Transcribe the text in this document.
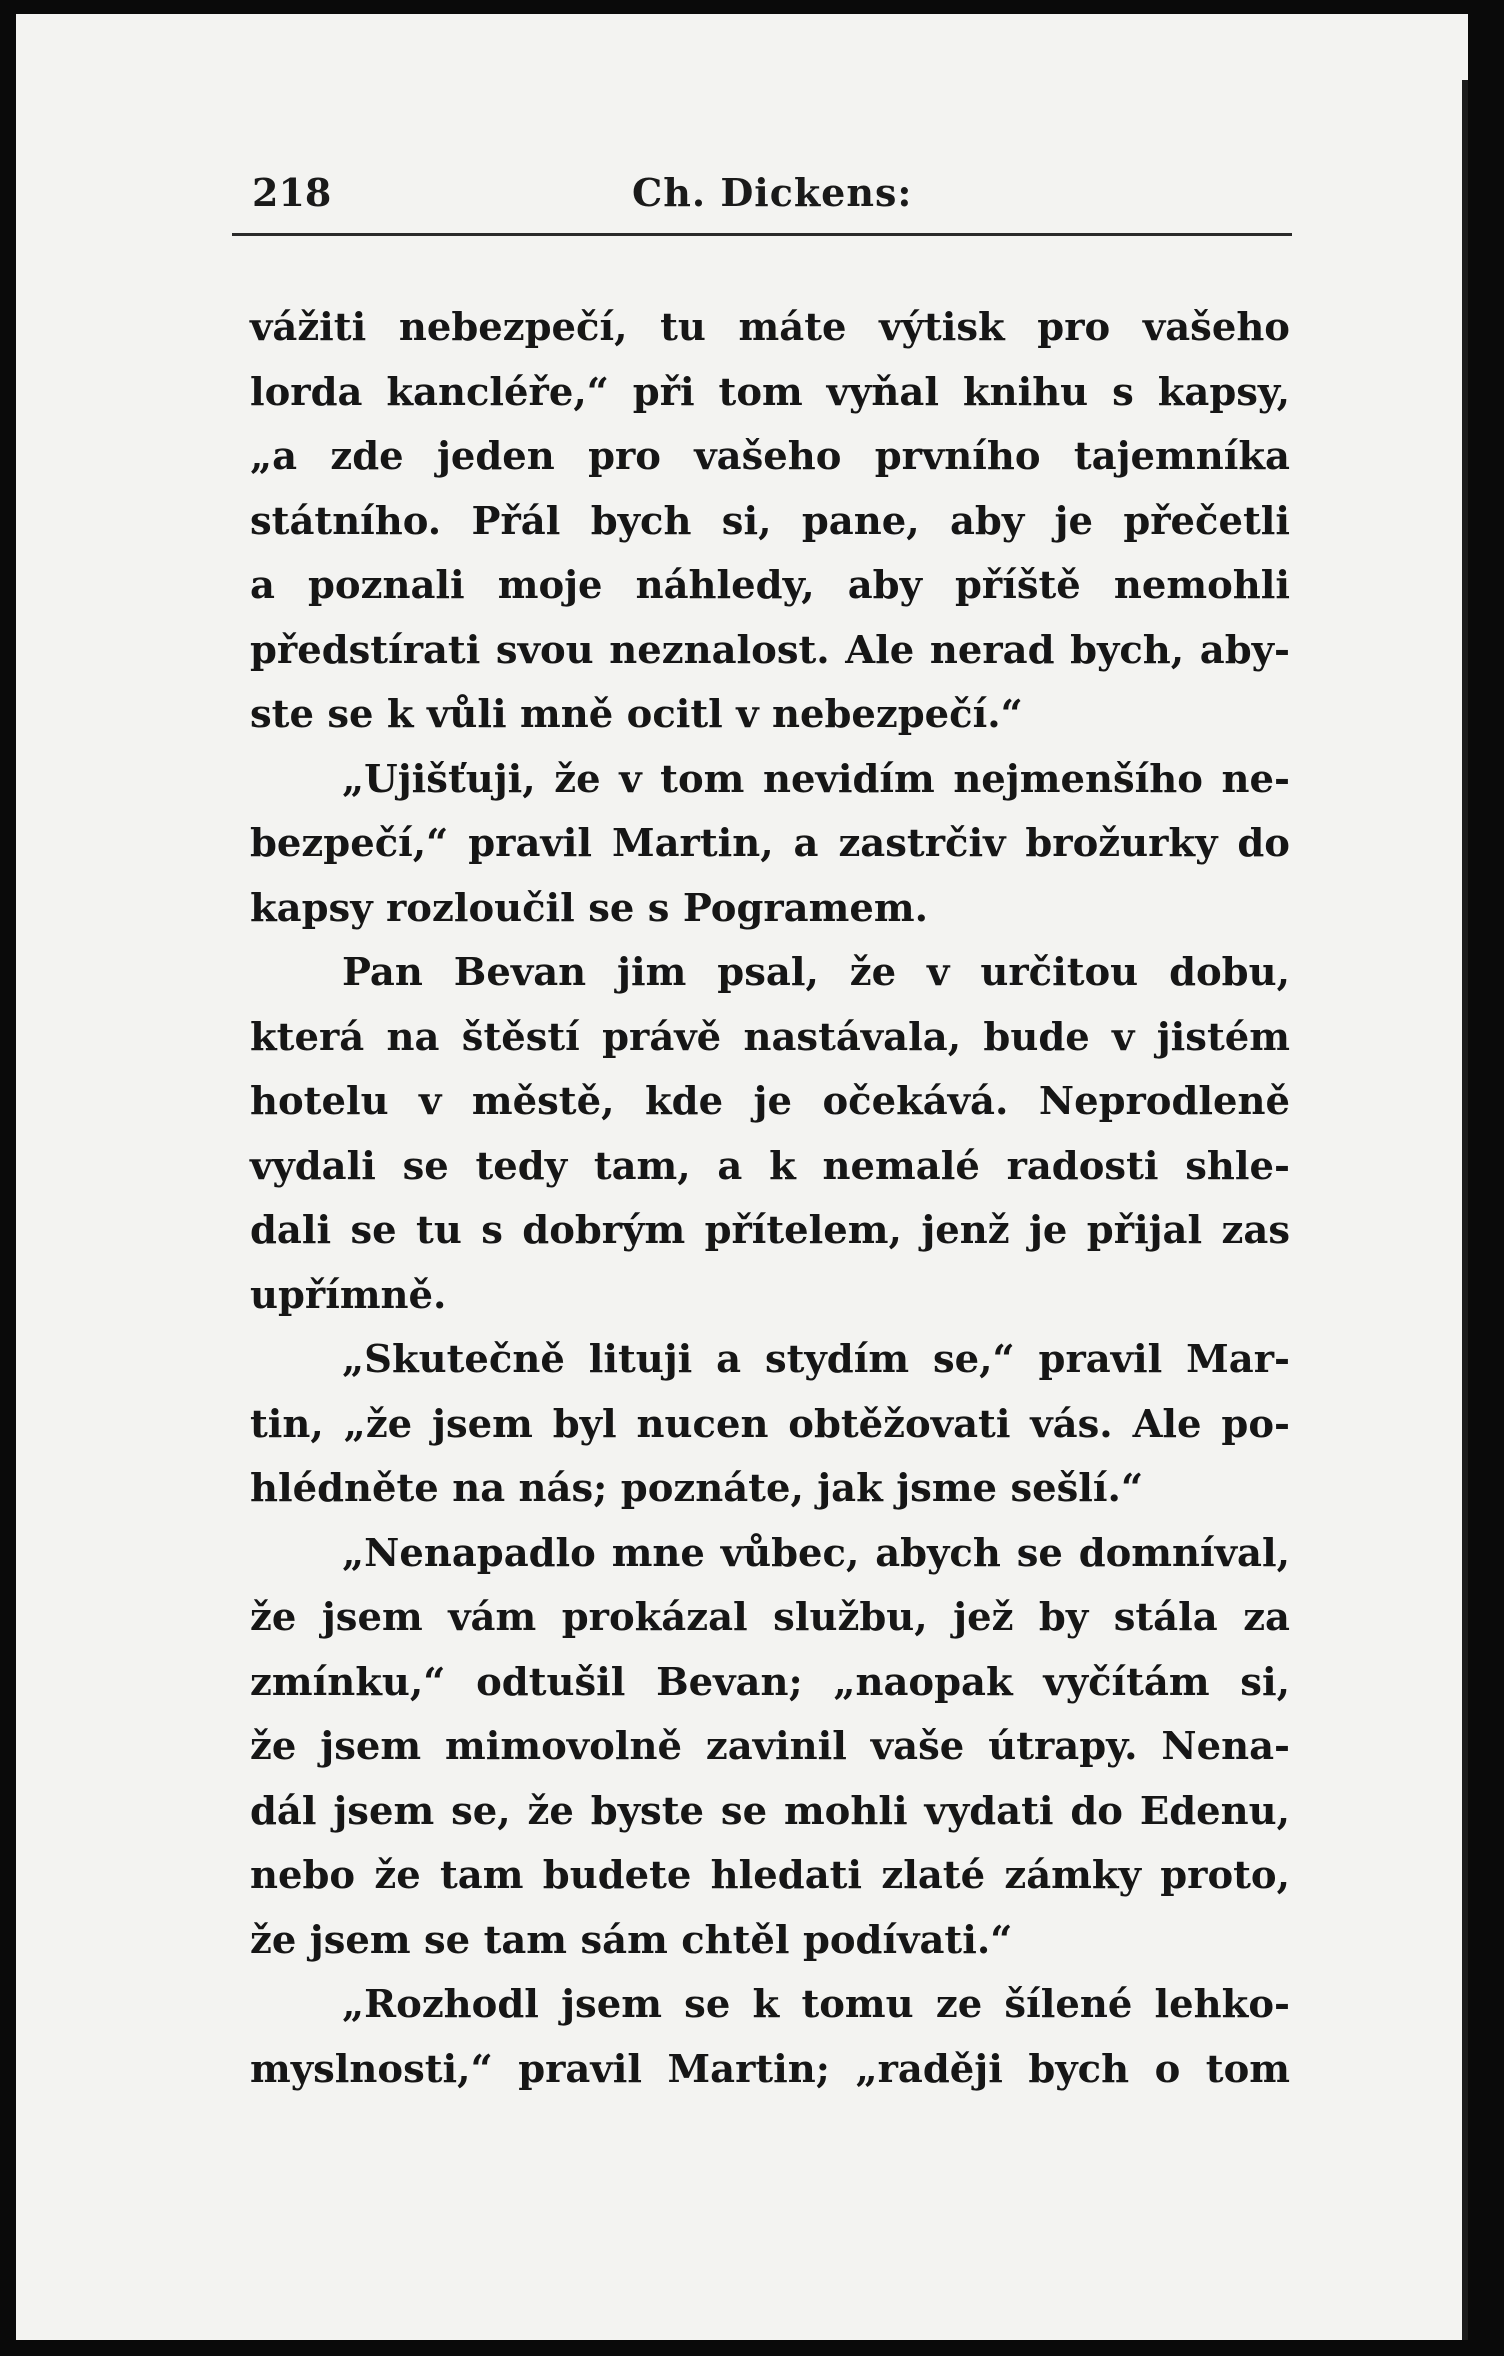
218	Ch. Dickens:
vážiti nebezpečí, tu máte výtisk pro vašeho
lorda kancléře,“ při tom vyňal knihu s kapsy,
„a zde jeden pro vašeho prvního tajemníka
státního. Přál bych si, pane, aby je přečetli
a poznali moje náhledy, aby příště nemohli
předstírati svou neznalost. Ale nerad bych, aby-
ste se k vůli mně ocitl v nebezpečí.“
„Ujišťuji, že v tom nevidím nejmenšího ne-
bezpečí,“ pravil Martin, a zastrčiv brožurky do
kapsy rozloučil se s Pogramem.
Pan Bevan jim psal, že v určitou dobu,
která na štěstí právě nastávala, bude v jistém
hotelu v městě, kde je očekává. Neprodleně
vydali se tedy tam, a k nemalé radosti shle-
dali se tu s dobrým přítelem, jenž je přijal zas
upřímně.
„Skutečně lituji a stydím se,“ pravil Mar-
tin, „že jsem byl nucen obtěžovati vás. Ale po-
hlédněte na nás; poznáte, jak jsme sešlí.“
„Nenapadlo mne vůbec, abych se domníval,
že jsem vám prokázal službu, jež by stála za
zmínku,“ odtušil Bevan; „naopak vyčítám si,
že jsem mimovolně zavinil vaše útrapy. Nena-
dál jsem se, že byste se mohli vydati do Edenu,
nebo že tam budete hledati zlaté zámky proto,
že jsem se tam sám chtěl podívati.“
„Rozhodl jsem se k tomu ze šílené lehko-
myslnosti,“ pravil Martin; „raději bych o tom
